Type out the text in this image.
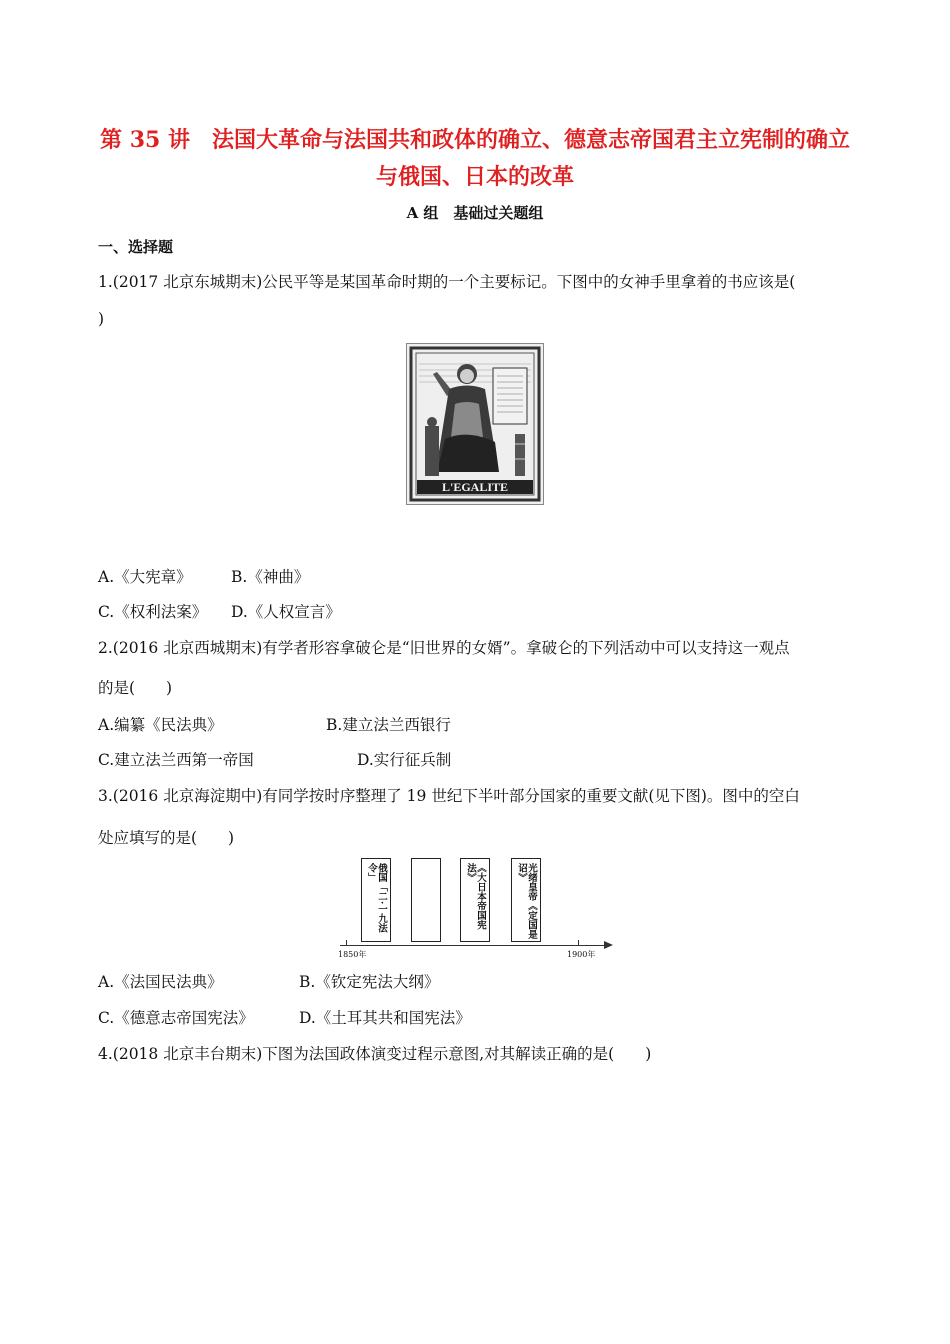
第 35 讲　法国大革命与法国共和政体的确立、德意志帝国君主立宪制的确立
与俄国、日本的改革
A 组　基础过关题组
一、选择题
1.(2017 北京东城期末)公民平等是某国革命时期的一个主要标记。下图中的女神手里拿着的书应该是(
)
L'EGALITE
A.《大宪章》	B.《神曲》
C.《权利法案》 D.《人权宣言》
2.(2016 北京西城期末)有学者形容拿破仑是“旧世界的女婿”。拿破仑的下列活动中可以支持这一观点
的是(　　)
A.编纂《民法典》	B.建立法兰西银行
C.建立法兰西第一帝国	D.实行征兵制
3.(2016 北京海淀期中)有同学按时序整理了 19 世纪下半叶部分国家的重要文献(见下图)。图中的空白
处应填写的是(　　)
俄国「二·一九法令」	《大日本帝国宪法》	光绪皇帝《定国是诏》
1850年	1900年
A.《法国民法典》	B.《钦定宪法大纲》
C.《德意志帝国宪法》	D.《土耳其共和国宪法》
4.(2018 北京丰台期末)下图为法国政体演变过程示意图,对其解读正确的是(　　)
